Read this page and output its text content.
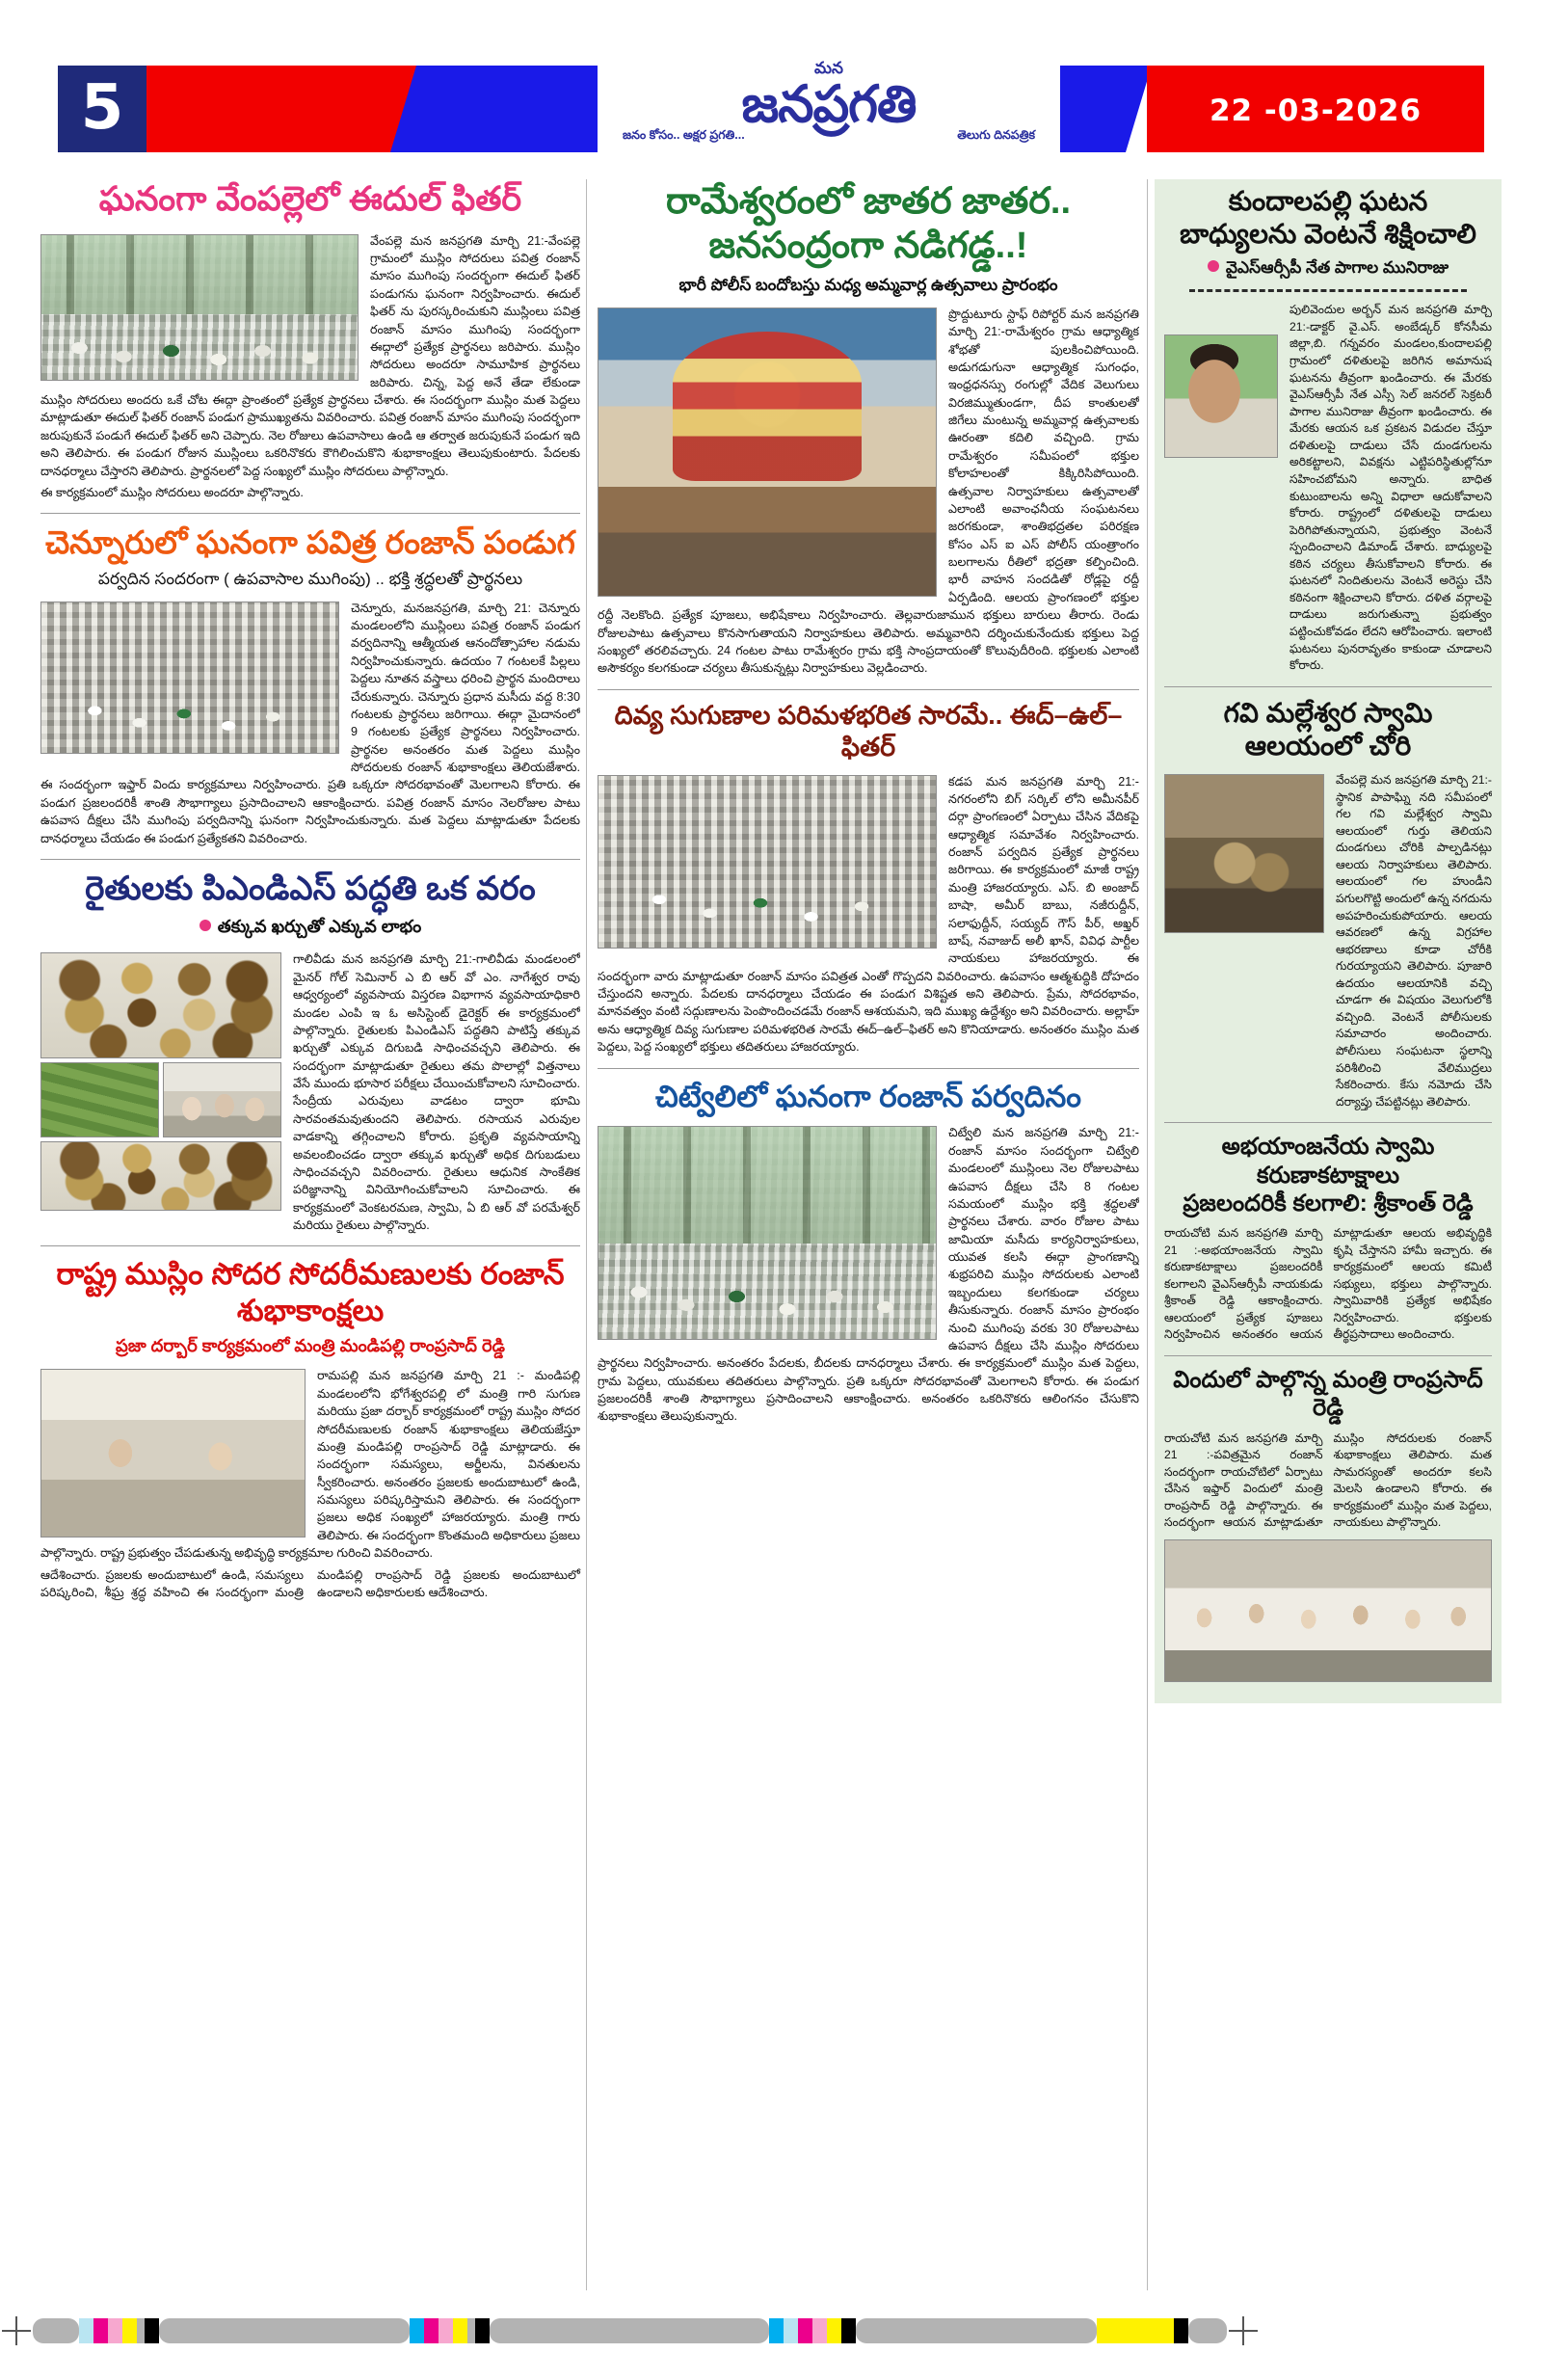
5	22 -03-2026
మన
జనప్రగతి
జనం కోసం.. అక్షర ప్రగతి...	తెలుగు దినపత్రిక
ఘనంగా వేంపల్లెలో ఈదుల్ ఫితర్
వేంపల్లె మన జనప్రగతి మార్చి 21:-వేంపల్లె గ్రామంలో ముస్లిం సోదరులు పవిత్ర రంజాన్ మాసం ముగింపు సందర్భంగా ఈదుల్ ఫితర్ పండుగను ఘనంగా నిర్వహించారు. ఈదుల్ ఫితర్ ను పురస్కరించుకుని ముస్లింలు పవిత్ర రంజాన్ మాసం ముగింపు సందర్భంగా ఈద్గాలో ప్రత్యేక ప్రార్థనలు జరిపారు. ముస్లిం సోదరులు అందరూ సామూహిక ప్రార్థనలు జరిపారు. చిన్న, పెద్ద అనే తేడా లేకుండా ముస్లిం సోదరులు అందరు ఒకే చోట ఈద్గా ప్రాంతంలో ప్రత్యేక ప్రార్థనలు చేశారు. ఈ సందర్భంగా ముస్లిం మత పెద్దలు మాట్లాడుతూ ఈదుల్ ఫితర్ రంజాన్ పండుగ ప్రాముఖ్యతను వివరించారు. పవిత్ర రంజాన్ మాసం ముగింపు సందర్భంగా జరుపుకునే పండుగే ఈదుల్ ఫితర్ అని చెప్పారు. నెల రోజులు ఉపవాసాలు ఉండి ఆ తర్వాత జరుపుకునే పండుగ ఇది అని తెలిపారు. ఈ పండుగ రోజున ముస్లింలు ఒకరినొకరు కౌగిలించుకొని శుభాకాంక్షలు తెలుపుకుంటారు. పేదలకు దానధర్మాలు చేస్తారని తెలిపారు. ప్రార్థనలలో పెద్ద సంఖ్యలో ముస్లిం సోదరులు పాల్గొన్నారు.
ఈ కార్యక్రమంలో ముస్లిం సోదరులు అందరూ పాల్గొన్నారు.
చెన్నూరులో ఘనంగా పవిత్ర రంజాన్ పండుగ
పర్వదిన సందరంగా ( ఉపవాసాల ముగింపు) .. భక్తి శ్రద్ధలతో ప్రార్థనలు
చెన్నూరు, మనజనప్రగతి, మార్చి 21: చెన్నూరు మండలంలోని ముస్లింలు పవిత్ర రంజాన్ పండుగ వర్వదినాన్ని ఆత్మీయత ఆనందోత్సాహాల నడుమ నిర్వహించుకున్నారు. ఉదయం 7 గంటలకే పిల్లలు పెద్దలు నూతన వస్త్రాలు ధరించి ప్రార్థన మందిరాలు చేరుకున్నారు. చెన్నూరు ప్రధాన మసీదు వద్ద 8:30 గంటలకు ప్రార్థనలు జరిగాయి. ఈద్గా మైదానంలో 9 గంటలకు ప్రత్యేక ప్రార్థనలు నిర్వహించారు. ప్రార్థనల అనంతరం మత పెద్దలు ముస్లిం సోదరులకు రంజాన్ శుభాకాంక్షలు తెలియజేశారు. ఈ సందర్భంగా ఇఫ్తార్ విందు కార్యక్రమాలు నిర్వహించారు. ప్రతి ఒక్కరూ సోదరభావంతో మెలగాలని కోరారు. ఈ పండుగ ప్రజలందరికీ శాంతి సౌభాగ్యాలు ప్రసాదించాలని ఆకాంక్షించారు. పవిత్ర రంజాన్ మాసం నెలరోజుల పాటు ఉపవాస దీక్షలు చేసి ముగింపు పర్వదినాన్ని ఘనంగా నిర్వహించుకున్నారు. మత పెద్దలు మాట్లాడుతూ పేదలకు దానధర్మాలు చేయడం ఈ పండుగ ప్రత్యేకతని వివరించారు.
రైతులకు పిఎండిఎస్ పద్ధతి ఒక వరం
తక్కువ ఖర్చుతో ఎక్కువ లాభం
గాలివీడు మన జనప్రగతి మార్చి 21:-గాలివీడు మండలంలో మైనర్ గోల్ సెమినార్ ఎ బి ఆర్ వో ఎం. నాగేశ్వర రావు ఆధ్వర్యంలో వ్యవసాయ విస్తరణ విభాగాన వ్యవసాయాధికారి మండల ఎంపి ఇ ఓ అసిస్టెంట్ డైరెక్టర్ ఈ కార్యక్రమంలో పాల్గొన్నారు. రైతులకు పిఎండిఎస్ పద్ధతిని పాటిస్తే తక్కువ ఖర్చుతో ఎక్కువ దిగుబడి సాధించవచ్చని తెలిపారు. ఈ సందర్భంగా మాట్లాడుతూ రైతులు తమ పొలాల్లో విత్తనాలు వేసే ముందు భూసార పరీక్షలు చేయించుకోవాలని సూచించారు. సేంద్రీయ ఎరువులు వాడటం ద్వారా భూమి సారవంతమవుతుందని తెలిపారు. రసాయన ఎరువుల వాడకాన్ని తగ్గించాలని కోరారు. ప్రకృతి వ్యవసాయాన్ని అవలంబించడం ద్వారా తక్కువ ఖర్చుతో అధిక దిగుబడులు సాధించవచ్చని వివరించారు. రైతులు ఆధునిక సాంకేతిక పరిజ్ఞానాన్ని వినియోగించుకోవాలని సూచించారు. ఈ కార్యక్రమంలో వెంకటరమణ, స్వామి, ఏ బి ఆర్ వో పరమేశ్వర్ మరియు రైతులు పాల్గొన్నారు.
రాష్ట్ర ముస్లిం సోదర సోదరీమణులకు రంజాన్ శుభాకాంక్షలు
ప్రజా దర్బార్ కార్యక్రమంలో మంత్రి మండిపల్లి రాంప్రసాద్ రెడ్డి
రామపల్లి మన జనప్రగతి మార్చి 21 :- మండిపల్లి మండలంలోని భోగేశ్వరపల్లి లో మంత్రి గారి సుగుణ మరియు ప్రజా దర్బార్ కార్యక్రమంలో రాష్ట్ర ముస్లిం సోదర సోదరీమణులకు రంజాన్ శుభాకాంక్షలు తెలియజేస్తూ మంత్రి మండిపల్లి రాంప్రసాద్ రెడ్డి మాట్లాడారు. ఈ సందర్భంగా సమస్యలు, అర్జీలను, వినతులను స్వీకరించారు. అనంతరం ప్రజలకు అందుబాటులో ఉండి, సమస్యలు పరిష్కరిస్తామని తెలిపారు. ఈ సందర్భంగా ప్రజలు అధిక సంఖ్యలో హాజరయ్యారు. మంత్రి గారు తెలిపారు. ఈ సందర్భంగా కొంతమంది అధికారులు ప్రజలు పాల్గొన్నారు. రాష్ట్ర ప్రభుత్వం చేపడుతున్న అభివృద్ధి కార్యక్రమాల గురించి వివరించారు.
ఆదేశించారు. ప్రజలకు అందుబాటులో ఉండి, సమస్యలు పరిష్కరించి, శీఘ్ర శ్రద్ధ వహించి ఈ సందర్భంగా మంత్రి మండిపల్లి రాంప్రసాద్ రెడ్డి ప్రజలకు అందుబాటులో ఉండాలని అధికారులకు ఆదేశించారు.
రామేశ్వరంలో జాతర జాతర..
జనసంద్రంగా నడిగడ్డ..!
భారీ పోలీస్ బందోబస్తు మధ్య అమ్మవార్ల ఉత్సవాలు ప్రారంభం
ప్రొద్దుటూరు స్టాఫ్ రిపోర్టర్ మన జనప్రగతి మార్చి 21:-రామేశ్వరం గ్రామ ఆధ్యాత్మిక శోభతో పులకించిపోయింది. అడుగడుగునా ఆధ్యాత్మిక సుగంధం, ఇంధ్రధనస్సు రంగుల్లో వేదిక వెలుగులు విరజిమ్ముతుండగా, దీప కాంతులతో జిగేలు మంటున్న అమ్మవార్ల ఉత్సవాలకు ఊరంతా కదిలి వచ్చింది. గ్రామ రామేశ్వరం సమీపంలో భక్తుల కోలాహలంతో కిక్కిరిసిపోయింది. ఉత్సవాల నిర్వాహకులు ఉత్సవాలతో ఎలాంటి అవాంఛనీయ సంఘటనలు జరగకుండా, శాంతిభద్రతల పరిరక్షణ కోసం ఎస్ ఐ ఎస్ పోలీస్ యంత్రాంగం బలగాలను రీతిలో భద్రతా కల్పించింది. భారీ వాహన సందడితో రోడ్లపై రద్దీ ఏర్పడింది. ఆలయ ప్రాంగణంలో భక్తుల రద్దీ నెలకొంది. ప్రత్యేక పూజలు, అభిషేకాలు నిర్వహించారు. తెల్లవారుజామున భక్తులు బారులు తీరారు. రెండు రోజులపాటు ఉత్సవాలు కొనసాగుతాయని నిర్వాహకులు తెలిపారు. అమ్మవారిని దర్శించుకునేందుకు భక్తులు పెద్ద సంఖ్యలో తరలివచ్చారు. 24 గంటల పాటు రామేశ్వరం గ్రామ భక్తి సాంప్రదాయంతో కొలువుదీరింది. భక్తులకు ఎలాంటి అసౌకర్యం కలగకుండా చర్యలు తీసుకున్నట్లు నిర్వాహకులు వెల్లడించారు.
దివ్య సుగుణాల పరిమళభరిత సారమే.. ఈద్–ఉల్–ఫితర్
కడప మన జనప్రగతి మార్చి 21:-నగరంలోని బిగ్ సర్కిల్ లోని అమీనపీర్ దర్గా ప్రాంగణంలో ఏర్పాటు చేసిన వేదికపై ఆధ్యాత్మిక సమావేశం నిర్వహించారు. రంజాన్ పర్వదిన ప్రత్యేక ప్రార్థనలు జరిగాయి. ఈ కార్యక్రమంలో మాజీ రాష్ట్ర మంత్రి హాజరయ్యారు. ఎస్. బి అంజాద్ బాషా, అమీర్ బాబు, నజీరుద్దీన్, సలాఫుద్దీన్, సయ్యద్ గౌస్ పీర్, అఖ్తర్ బాష్, నవాజుద్ అలీ ఖాన్, వివిధ పార్టీల నాయకులు హాజరయ్యారు. ఈ సందర్భంగా వారు మాట్లాడుతూ రంజాన్ మాసం పవిత్రత ఎంతో గొప్పదని వివరించారు. ఉపవాసం ఆత్మశుద్ధికి దోహదం చేస్తుందని అన్నారు. పేదలకు దానధర్మాలు చేయడం ఈ పండుగ విశిష్టత అని తెలిపారు. ప్రేమ, సోదరభావం, మానవత్వం వంటి సద్గుణాలను పెంపొందించడమే రంజాన్ ఆశయమని, ఇది ముఖ్య ఉద్దేశ్యం అని వివరించారు. అల్లాహ్ అను ఆధ్యాత్మిక దివ్య సుగుణాల పరిమళభరిత సారమే ఈద్–ఉల్–ఫితర్ అని కొనియాడారు. అనంతరం ముస్లిం మత పెద్దలు, పెద్ద సంఖ్యలో భక్తులు తదితరులు హాజరయ్యారు.
చిట్వేలిలో ఘనంగా రంజాన్ పర్వదినం
చిట్వేలి మన జనప్రగతి మార్చి 21:-రంజాన్ మాసం సందర్భంగా చిట్వేలి మండలంలో ముస్లింలు నెల రోజులపాటు ఉపవాస దీక్షలు చేసి 8 గంటల సమయంలో ముస్లిం భక్తి శ్రద్ధలతో ప్రార్థనలు చేశారు. వారం రోజుల పాటు జామియా మసీదు కార్యనిర్వాహకులు, యువత కలసి ఈద్గా ప్రాంగణాన్ని శుభ్రపరిచి ముస్లిం సోదరులకు ఎలాంటి ఇబ్బందులు కలగకుండా చర్యలు తీసుకున్నారు. రంజాన్ మాసం ప్రారంభం నుంచి ముగింపు వరకు 30 రోజులపాటు ఉపవాస దీక్షలు చేసి ముస్లిం సోదరులు ప్రార్థనలు నిర్వహించారు. అనంతరం పేదలకు, బీదలకు దానధర్మాలు చేశారు. ఈ కార్యక్రమంలో ముస్లిం మత పెద్దలు, గ్రామ పెద్దలు, యువకులు తదితరులు పాల్గొన్నారు. ప్రతి ఒక్కరూ సోదరభావంతో మెలగాలని కోరారు. ఈ పండుగ ప్రజలందరికీ శాంతి సౌభాగ్యాలు ప్రసాదించాలని ఆకాంక్షించారు. అనంతరం ఒకరినొకరు ఆలింగనం చేసుకొని శుభాకాంక్షలు తెలుపుకున్నారు.
కుందాలపల్లి ఘటన
బాధ్యులను వెంటనే శిక్షించాలి
వైఎస్ఆర్సీపీ నేత పాగాల మునిరాజు
పులివెందుల అర్బన్ మన జనప్రగతి మార్చి 21:-డాక్టర్ వై.ఎస్. అంబేడ్కర్ కోనసీమ జిల్లా,బి. గన్నవరం మండలం,కుందాలపల్లి గ్రామంలో దళితులపై జరిగిన అమానుష ఘటనను తీవ్రంగా ఖండించారు. ఈ మేరకు వైఎస్ఆర్సీపీ నేత ఎస్సీ సెల్ జనరల్ సెక్రటరీ పాగాల మునిరాజు తీవ్రంగా ఖండించారు. ఈ మేరకు ఆయన ఒక ప్రకటన విడుదల చేస్తూ దళితులపై దాడులు చేసే దుండగులను అరికట్టాలని, వివక్షను ఎట్టిపరిస్థితుల్లోనూ సహించబోమని అన్నారు. బాధిత కుటుంబాలను అన్ని విధాలా ఆదుకోవాలని కోరారు. రాష్ట్రంలో దళితులపై దాడులు పెరిగిపోతున్నాయని, ప్రభుత్వం వెంటనే స్పందించాలని డిమాండ్ చేశారు. బాధ్యులపై కఠిన చర్యలు తీసుకోవాలని కోరారు. ఈ ఘటనలో నిందితులను వెంటనే అరెస్టు చేసి కఠినంగా శిక్షించాలని కోరారు. దళిత వర్గాలపై దాడులు జరుగుతున్నా ప్రభుత్వం పట్టించుకోవడం లేదని ఆరోపించారు. ఇలాంటి ఘటనలు పునరావృతం కాకుండా చూడాలని కోరారు.
గవి మల్లేశ్వర స్వామి
ఆలయంలో చోరి
వేంపల్లె మన జనప్రగతి మార్చి 21:-స్థానిక పాపాఘ్ని నది సమీపంలో గల గవి మల్లేశ్వర స్వామి ఆలయంలో గుర్తు తెలియని దుండగులు చోరికి పాల్పడినట్లు ఆలయ నిర్వాహకులు తెలిపారు. ఆలయంలో గల హుండీని పగులగొట్టి అందులో ఉన్న నగదును అపహరించుకుపోయారు. ఆలయ ఆవరణలో ఉన్న విగ్రహాల ఆభరణాలు కూడా చోరీకి గురయ్యాయని తెలిపారు. పూజారి ఉదయం ఆలయానికి వచ్చి చూడగా ఈ విషయం వెలుగులోకి వచ్చింది. వెంటనే పోలీసులకు సమాచారం అందించారు. పోలీసులు సంఘటనా స్థలాన్ని పరిశీలించి వేలిముద్రలు సేకరించారు. కేసు నమోదు చేసి దర్యాప్తు చేపట్టినట్లు తెలిపారు.
అభయాంజనేయ స్వామి కరుణాకటాక్షాలు
ప్రజలందరికీ కలగాలి: శ్రీకాంత్ రెడ్డి
రాయచోటి మన జనప్రగతి మార్చి 21 :-అభయాంజనేయ స్వామి కరుణాకటాక్షాలు ప్రజలందరికీ కలగాలని వైఎస్ఆర్సీపీ నాయకుడు శ్రీకాంత్ రెడ్డి ఆకాంక్షించారు. ఆలయంలో ప్రత్యేక పూజలు నిర్వహించిన అనంతరం ఆయన మాట్లాడుతూ ఆలయ అభివృద్ధికి కృషి చేస్తానని హామీ ఇచ్చారు. ఈ కార్యక్రమంలో ఆలయ కమిటీ సభ్యులు, భక్తులు పాల్గొన్నారు. స్వామివారికి ప్రత్యేక అభిషేకం నిర్వహించారు. భక్తులకు తీర్థప్రసాదాలు అందించారు.
విందులో పాల్గొన్న మంత్రి రాంప్రసాద్ రెడ్డి
రాయచోటి మన జనప్రగతి మార్చి 21 :-పవిత్రమైన రంజాన్ సందర్భంగా రాయచోటిలో ఏర్పాటు చేసిన ఇఫ్తార్ విందులో మంత్రి రాంప్రసాద్ రెడ్డి పాల్గొన్నారు. ఈ సందర్భంగా ఆయన మాట్లాడుతూ ముస్లిం సోదరులకు రంజాన్ శుభాకాంక్షలు తెలిపారు. మత సామరస్యంతో అందరూ కలసి మెలసి ఉండాలని కోరారు. ఈ కార్యక్రమంలో ముస్లిం మత పెద్దలు, నాయకులు పాల్గొన్నారు.
